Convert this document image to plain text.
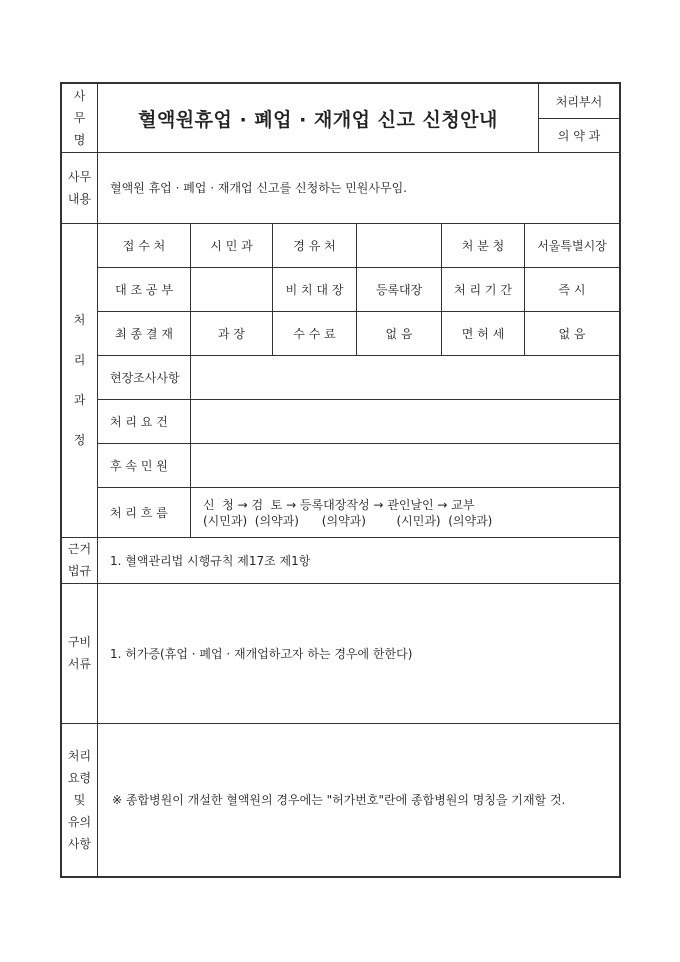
사
무
명
	혈액원휴업 · 폐업 · 재개업 신고 신청안내	처리부서
의 약 과
사무
내용
	혈액원 휴업 · 폐업 · 재개업 신고를 신청하는 민원사무임.
처
리
과
정	접 수 처	시 민 과	경 유 처		처 분 청	서울특별시장
	대 조 공 부		비 치 대 장	등록대장	처 리 기 간	즉 시
	최 종 결 재	과 장	수 수 료	없 음	면 허 세	없 음
	현장조사사항					
	처 리 요 건					
	후 속 민 원					
	처 리 흐 름	신  청 → 검  토 → 등록대장작성 → 관인날인 → 교부
(시민과)  (의약과)      (의약과)        (시민과)  (의약과)				
근거
법규	1. 혈액관리법 시행규칙 제17조 제1항

구비
서류	1. 허가증(휴업 · 폐업 · 재개업하고자 하는 경우에 한한다)

처리
요령
및
유의
사항	※ 종합병원이 개설한 혈액원의 경우에는 "허가번호"란에 종합병원의 명칭을 기재할 것.
